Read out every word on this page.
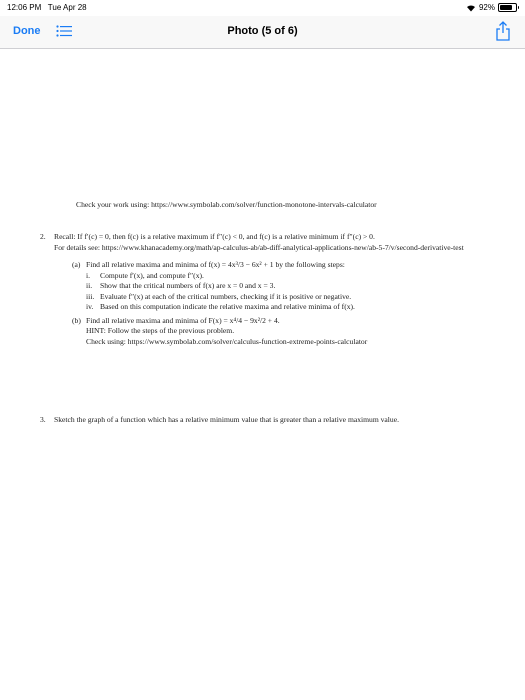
12:06 PM Tue Apr 28	92%
Done	Photo (5 of 6)
Check your work using: https://www.symbolab.com/solver/function-monotone-intervals-calculator
2. Recall: If f′(c) = 0, then f(c) is a relative maximum if f″(c) < 0, and f(c) is a relative minimum if f″(c) > 0.
For details see: https://www.khanacademy.org/math/ap-calculus-ab/ab-diff-analytical-applications-new/ab-5-7/v/second-derivative-test
(a) Find all relative maxima and minima of f(x) = 4x³/3 − 6x² + 1 by the following steps:
i. Compute f′(x), and compute f″(x).
ii. Show that the critical numbers of f(x) are x = 0 and x = 3.
iii. Evaluate f″(x) at each of the critical numbers, checking if it is positive or negative.
iv. Based on this computation indicate the relative maxima and relative minima of f(x).
(b) Find all relative maxima and minima of F(x) = x⁴/4 − 9x²/2 + 4.
HINT: Follow the steps of the previous problem.
Check using: https://www.symbolab.com/solver/calculus-function-extreme-points-calculator
3. Sketch the graph of a function which has a relative minimum value that is greater than a relative maximum value.
